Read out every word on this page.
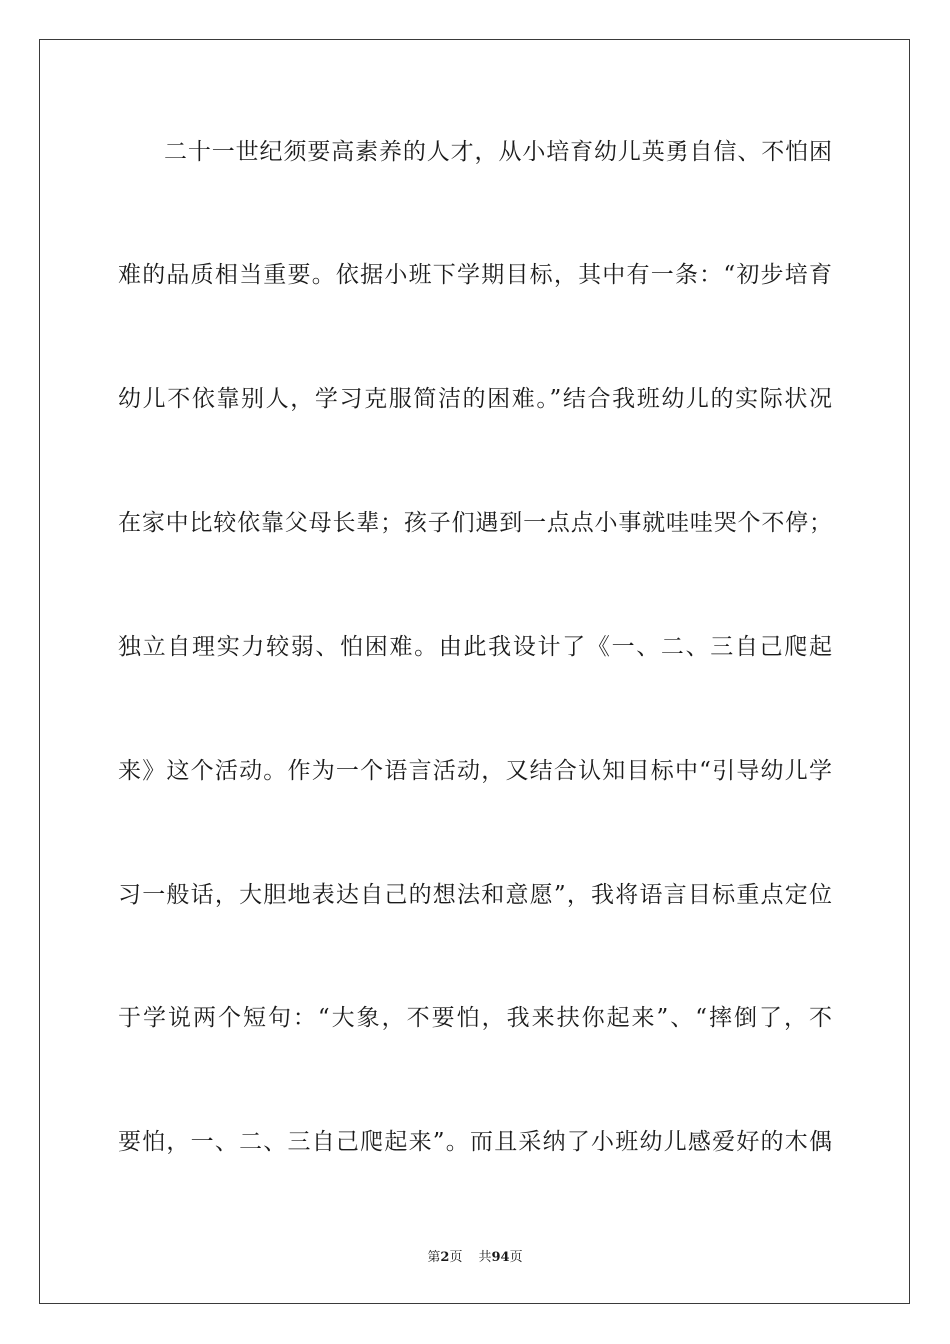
二十一世纪须要高素养的人才，从小培育幼儿英勇自信、不怕困
难的品质相当重要。依据小班下学期目标，其中有一条：“初步培育
幼儿不依靠别人，学习克服简洁的困难。”结合我班幼儿的实际状况
在家中比较依靠父母长辈；孩子们遇到一点点小事就哇哇哭个不停；
独立自理实力较弱、怕困难。由此我设计了《一、二、三自己爬起
来》这个活动。作为一个语言活动，又结合认知目标中“引导幼儿学
习一般话，大胆地表达自己的想法和意愿”，我将语言目标重点定位
于学说两个短句：“大象，不要怕，我来扶你起来”、“摔倒了，不
要怕，一、二、三自己爬起来”。而且采纳了小班幼儿感爱好的木偶
第2页 共94页
